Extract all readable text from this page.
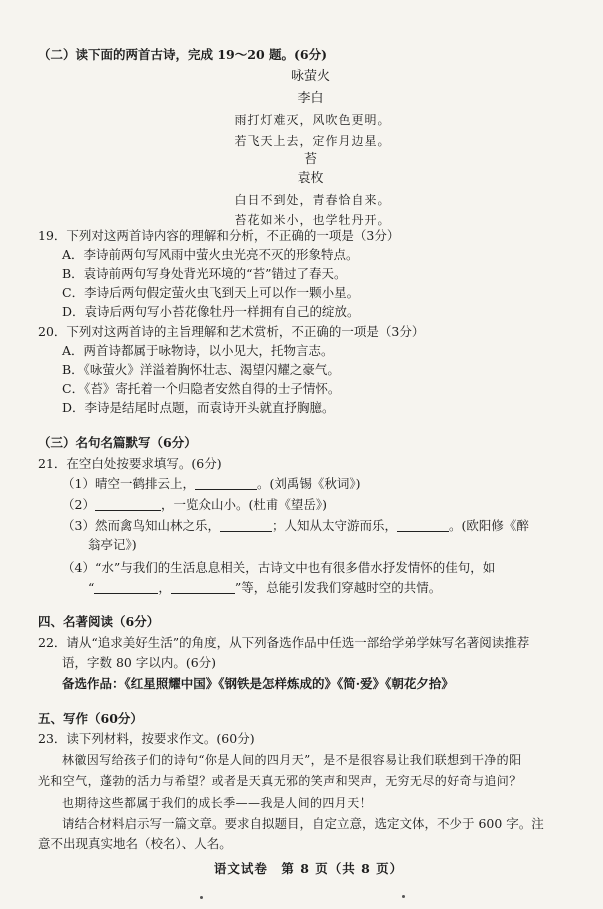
（二）读下面的两首古诗，完成 19～20 题。(6分)
咏萤火
李白
雨打灯难灭，风吹色更明。
若飞天上去，定作月边星。
苔
袁枚
白日不到处，青春恰自来。
苔花如米小，也学牡丹开。
19．下列对这两首诗内容的理解和分析，不正确的一项是（3分）
A．李诗前两句写风雨中萤火虫光亮不灭的形象特点。
B．袁诗前两句写身处背光环境的“苔”错过了春天。
C．李诗后两句假定萤火虫飞到天上可以作一颗小星。
D．袁诗后两句写小苔花像牡丹一样拥有自己的绽放。
20．下列对这两首诗的主旨理解和艺术赏析，不正确的一项是（3分）
A．两首诗都属于咏物诗，以小见大，托物言志。
B．《咏萤火》洋溢着胸怀壮志、渴望闪耀之豪气。
C．《苔》寄托着一个归隐者安然自得的士子情怀。
D．李诗是结尾时点题，而袁诗开头就直抒胸臆。
（三）名句名篇默写（6分）
21．在空白处按要求填写。(6分)
（1）晴空一鹤排云上，	。(刘禹锡《秋词》)
（2）	，一览众山小。(杜甫《望岳》)
（3）然而禽鸟知山林之乐，	；人知从太守游而乐，	。(欧阳修《醉
翁亭记》)
（4）“水”与我们的生活息息相关，古诗文中也有很多借水抒发情怀的佳句，如
“	，	”等，总能引发我们穿越时空的共情。
四、名著阅读（6分）
22．请从“追求美好生活”的角度，从下列备选作品中任选一部给学弟学妹写名著阅读推荐
语，字数 80 字以内。(6分)
备选作品：《红星照耀中国》《钢铁是怎样炼成的》《简·爱》《朝花夕拾》
五、写作（60分）
23．读下列材料，按要求作文。(60分)
林徽因写给孩子们的诗句“你是人间的四月天”，是不是很容易让我们联想到干净的阳
光和空气，蓬勃的活力与希望？或者是天真无邪的笑声和哭声，无穷无尽的好奇与追问？
也期待这些都属于我们的成长季——我是人间的四月天！
请结合材料启示写一篇文章。要求自拟题目，自定立意，选定文体，不少于 600 字。注
意不出现真实地名（校名）、人名。
语文试卷　第 8 页（共 8 页）
